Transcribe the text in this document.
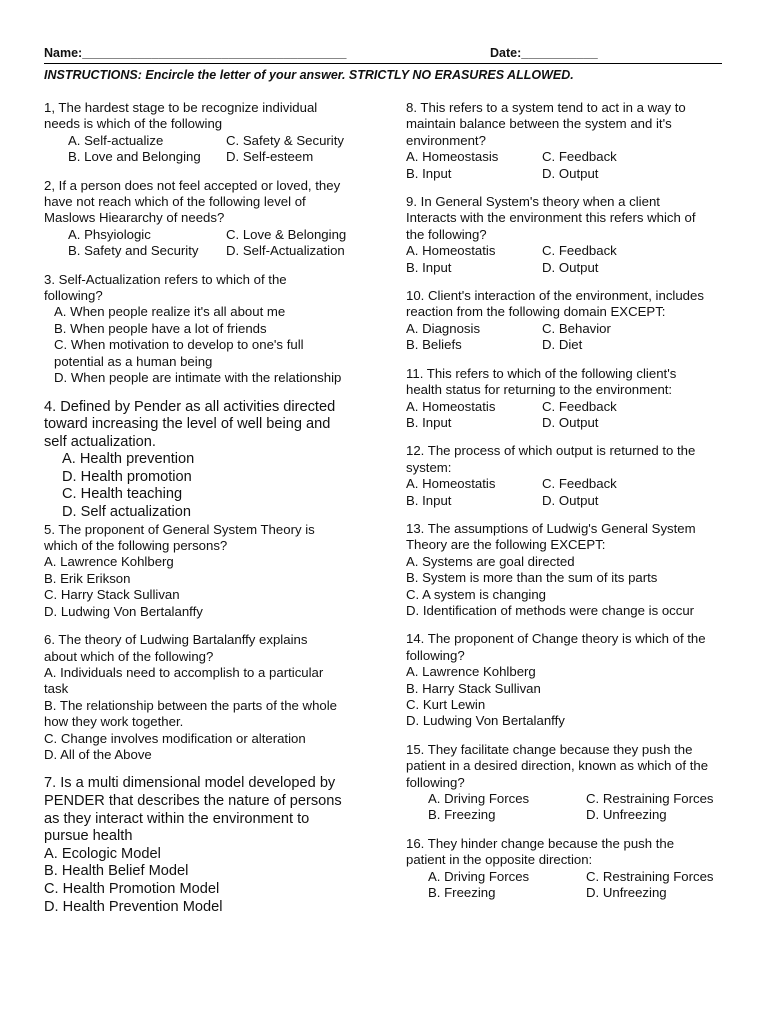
Name:______________________________________	Date:___________
INSTRUCTIONS: Encircle the letter of your answer. STRICTLY NO ERASURES ALLOWED.
1, The hardest stage to be recognize individual
needs is which of the following
A. Self-actualize	C. Safety & Security
B. Love and Belonging	D. Self-esteem
2, If a person does not feel accepted or loved, they
have not reach which of the following level of
Maslows Hieararchy of needs?
A. Phsyiologic	C. Love & Belonging
B. Safety and Security	D. Self-Actualization
3. Self-Actualization refers to which of the
following?
A. When people realize it's all about me
B. When people have a lot of friends
C. When motivation to develop to one's full
potential as a human being
D. When people are intimate with the relationship
4. Defined by Pender as all activities directed
toward increasing the level of well being and
self actualization.
A. Health prevention
D. Health promotion
C. Health teaching
D. Self actualization
5. The proponent of General System Theory is
which of the following persons?
A. Lawrence Kohlberg
B. Erik Erikson
C. Harry Stack Sullivan
D. Ludwing Von Bertalanffy
6. The theory of Ludwing Bartalanffy explains
about which of the following?
A. Individuals need to accomplish to a particular
task
B. The relationship between the parts of the whole
how they work together.
C. Change involves modification or alteration
D. All of the Above
7. Is a multi dimensional model developed by
PENDER that describes the nature of persons
as they interact within the environment to
pursue health
A. Ecologic Model
B. Health Belief Model
C. Health Promotion Model
D. Health Prevention Model
8. This refers to a system tend to act in a way to
maintain balance between the system and it's
environment?
A. Homeostasis	C. Feedback
B. Input	D. Output
9. In General System's theory when a client
Interacts with the environment this refers which of
the following?
A. Homeostatis	C. Feedback
B. Input	D. Output
10. Client's interaction of the environment, includes
reaction from the following domain EXCEPT:
A. Diagnosis	C. Behavior
B. Beliefs	D. Diet
11. This refers to which of the following client's
health status for returning to the environment:
A. Homeostatis	C. Feedback
B. Input	D. Output
12. The process of which output is returned to the
system:
A. Homeostatis	C. Feedback
B. Input	D. Output
13. The assumptions of Ludwig's General System
Theory are the following EXCEPT:
A. Systems are goal directed
B. System is more than the sum of its parts
C. A system is changing
D. Identification of methods were change is occur
14. The proponent of Change theory is which of the
following?
A. Lawrence Kohlberg
B. Harry Stack Sullivan
C. Kurt Lewin
D. Ludwing Von Bertalanffy
15. They facilitate change because they push the
patient in a desired direction, known as which of the
following?
A. Driving Forces	C. Restraining Forces
B. Freezing	D. Unfreezing
16. They hinder change because the push the
patient in the opposite direction:
A. Driving Forces	C. Restraining Forces
B. Freezing	D. Unfreezing
